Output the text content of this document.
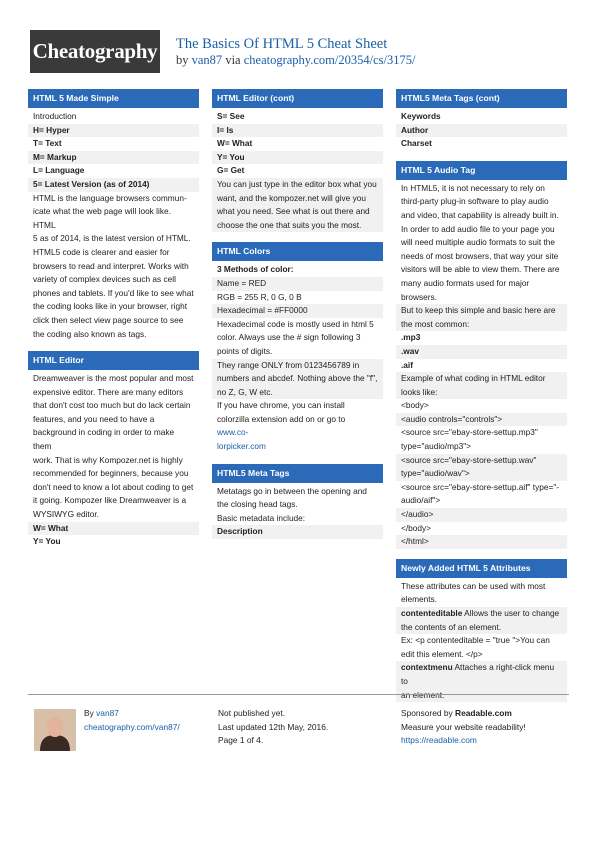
Cheatography The Basics Of HTML 5 Cheat Sheet
by van87 via cheatography.com/20354/cs/3175/
HTML 5 Made Simple
Introduction
H= Hyper
T= Text
M= Markup
L= Language
5= Latest Version (as of 2014)
HTML is the language browsers commun-
icate what the web page will look like. HTML
5 as of 2014, is the latest version of HTML.
HTML5 code is clearer and easier for
browsers to read and interpret. Works with
variety of complex devices such as cell
phones and tablets. If you'd like to see what
the coding looks like in your browser, right
click then select view page source to see
the coding also known as tags.
HTML Editor
Dreamweaver is the most popular and most
expensive editor. There are many editors
that don't cost too much but do lack certain
features, and you need to have a
background in coding in order to make them
work. That is why Kompozer.net is highly
recommended for beginners, because you
don't need to know a lot about coding to get
it going. Kompozer like Dreamweaver is a
WYSIWYG editor.
W= What
Y= You
HTML Editor (cont)
S= See
I= Is
W= What
Y= You
G= Get
You can just type in the editor box what you
want, and the kompozer.net will give you
what you need. See what is out there and
choose the one that suits you the most.
HTML Colors
3 Methods of color:
Name = RED
RGB = 255 R, 0 G, 0 B
Hexadecimal = #FF0000
Hexadecimal code is mostly used in html 5
color. Always use the # sign following 3
points of digits.
They range ONLY from 0123456789 in
numbers and abcdef. Nothing above the "f",
no Z, G, W etc.
If you have chrome, you can install
colorzilla extension add on or go to www.co-
lorpicker.com
HTML5 Meta Tags
Metatags go in between the opening and
the closing head tags.
Basic metadata include:
Description
HTML5 Meta Tags (cont)
Keywords
Author
Charset
HTML 5 Audio Tag
In HTML5, it is not necessary to rely on
third-party plug-in software to play audio
and video, that capability is already built in.
In order to add audio file to your page you
will need multiple audio formats to suit the
needs of most browsers, that way your site
visitors will be able to view them. There are
many audio formats used for major
browsers.
But to keep this simple and basic here are
the most common:
.mp3
.wav
.aif
Example of what coding in HTML editor
looks like:
<body>
<audio controls="controls">
<source src="ebay-store-settup.mp3"
type="audio/mp3">
<source src="ebay-store-settup.wav"
type="audio/wav">
<source src="ebay-store-settup.aif" type="-
audio/aif">
</audio>
</body>
</html>
Newly Added HTML 5 Attributes
These attributes can be used with most
elements.
contenteditable Allows the user to change
the contents of an element.
Ex: <p contenteditable = "true ">You can
edit this element. </p>
contextmenu Attaches a right-click menu to
an element.
By van87
cheatography.com/van87/
Not published yet.
Last updated 12th May, 2016.
Page 1 of 4.
Sponsored by Readable.com
Measure your website readability!
https://readable.com
